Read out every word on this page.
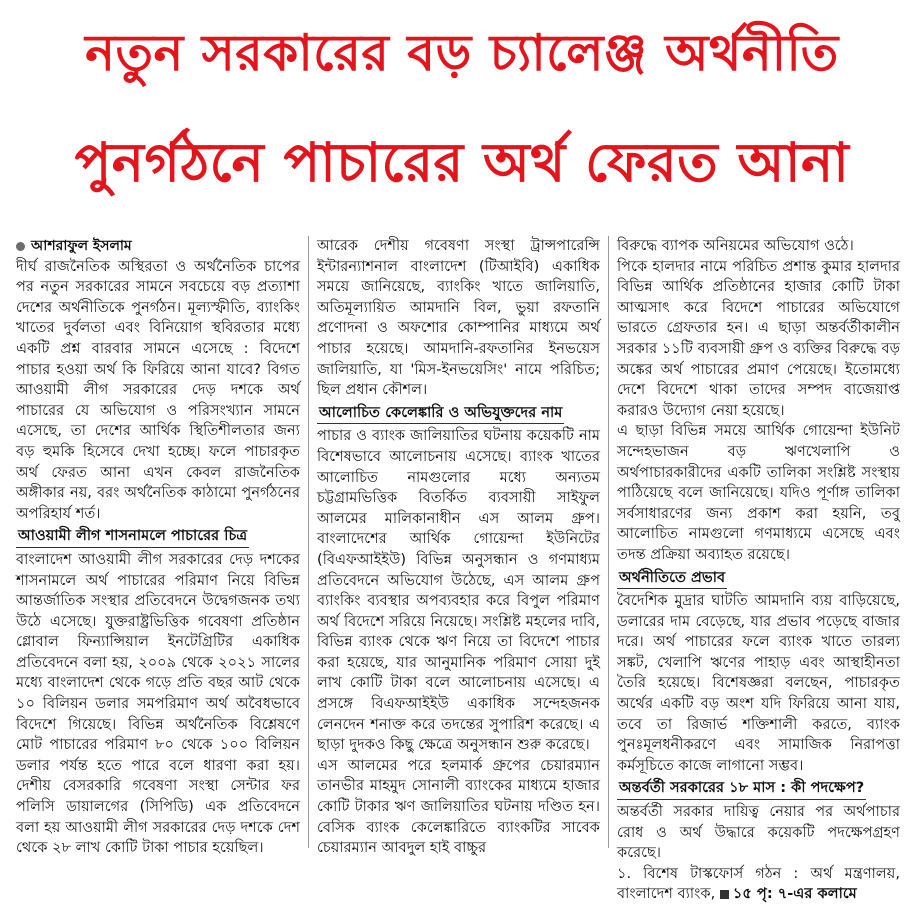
নতুন সরকারের বড় চ্যালেঞ্জ অর্থনীতি
পুনর্গঠনে পাচারের অর্থ ফেরত আনা
আশরাফুল ইসলাম

দীর্ঘ রাজনৈতিক অস্থিরতা ও অর্থনৈতিক চাপের পর নতুন সরকারের সামনে সবচেয়ে বড় প্রত্যাশা দেশের অর্থনীতিকে পুনর্গঠন। মূল্যস্ফীতি, ব্যাংকিং খাতের দুর্বলতা এবং বিনিয়োগ স্থবিরতার মধ্যে একটি প্রশ্ন বারবার সামনে এসেছে : বিদেশে পাচার হওয়া অর্থ কি ফিরিয়ে আনা যাবে? বিগত আওয়ামী লীগ সরকারের দেড় দশকে অর্থ পাচারের যে অভিযোগ ও পরিসংখ্যান সামনে এসেছে, তা দেশের আর্থিক স্থিতিশীলতার জন্য বড় হুমকি হিসেবে দেখা হচ্ছে। ফলে পাচারকৃত অর্থ ফেরত আনা এখন কেবল রাজনৈতিক অঙ্গীকার নয়, বরং অর্থনৈতিক কাঠামো পুনর্গঠনের অপরিহার্য শর্ত।

আওয়ামী লীগ শাসনামলে পাচারের চিত্র

বাংলাদেশ আওয়ামী লীগ সরকারের দেড় দশকের শাসনামলে অর্থ পাচারের পরিমাণ নিয়ে বিভিন্ন আন্তর্জাতিক সংস্থার প্রতিবেদনে উদ্বেগজনক তথ্য উঠে এসেছে। যুক্তরাষ্ট্রভিত্তিক গবেষণা প্রতিষ্ঠান গ্লোবাল ফিন্যান্সিয়াল ইনটেগ্রিটির একাধিক প্রতিবেদনে বলা হয়, ২০০৯ থেকে ২০২১ সালের মধ্যে বাংলাদেশ থেকে গড়ে প্রতি বছর আট থেকে ১০ বিলিয়ন ডলার সমপরিমাণ অর্থ অবৈধভাবে বিদেশে গিয়েছে। বিভিন্ন অর্থনৈতিক বিশ্লেষণে মোট পাচারের পরিমাণ ৮০ থেকে ১০০ বিলিয়ন ডলার পর্যন্ত হতে পারে বলে ধারণা করা হয়। দেশীয় বেসরকারি গবেষণা সংস্থা সেন্টার ফর পলিসি ডায়ালগের (সিপিডি) এক প্রতিবেদনে বলা হয় আওয়ামী লীগ সরকারের দেড় দশকে দেশ থেকে ২৮ লাখ কোটি টাকা পাচার হয়েছিল।

আরেক দেশীয় গবেষণা সংস্থা ট্রান্সপারেন্সি ইন্টারন্যাশনাল বাংলাদেশ (টিআইবি) একাধিক সময়ে জানিয়েছে, ব্যাংকিং খাতে জালিয়াতি, অতিমূল্যায়িত আমদানি বিল, ভুয়া রফতানি প্রণোদনা ও অফশোর কোম্পানির মাধ্যমে অর্থ পাচার হয়েছে। আমদানি-রফতানির ইনভয়েস জালিয়াতি, যা 'মিস-ইনভয়েসিং' নামে পরিচিত; ছিল প্রধান কৌশল।

আলোচিত কেলেঙ্কারি ও অভিযুক্তদের নাম

পাচার ও ব্যাংক জালিয়াতির ঘটনায় কয়েকটি নাম বিশেষভাবে আলোচনায় এসেছে। ব্যাংক খাতের আলোচিত নামগুলোর মধ্যে অন্যতম চট্টগ্রামভিত্তিক বিতর্কিত ব্যবসায়ী সাইফুল আলমের মালিকানাধীন এস আলম গ্রুপ। বাংলাদেশের আর্থিক গোয়েন্দা ইউনিটের (বিএফআইইউ) বিভিন্ন অনুসন্ধান ও গণমাধ্যম প্রতিবেদনে অভিযোগ উঠেছে, এস আলম গ্রুপ ব্যাংকিং ব্যবস্থার অপব্যবহার করে বিপুল পরিমাণ অর্থ বিদেশে সরিয়ে নিয়েছে। সংশ্লিষ্ট মহলের দাবি, বিভিন্ন ব্যাংক থেকে ঋণ নিয়ে তা বিদেশে পাচার করা হয়েছে, যার আনুমানিক পরিমাণ সোয়া দুই লাখ কোটি টাকা বলে আলোচনায় এসেছে। এ প্রসঙ্গে বিএফআইইউ একাধিক সন্দেহজনক লেনদেন শনাক্ত করে তদন্তের সুপারিশ করেছে। এ ছাড়া দুদকও কিছু ক্ষেত্রে অনুসন্ধান শুরু করেছে।

এস আলমের পরে হলমার্ক গ্রুপের চেয়ারম্যান তানভীর মাহমুদ সোনালী ব্যাংকের মাধ্যমে হাজার কোটি টাকার ঋণ জালিয়াতির ঘটনায় দণ্ডিত হন। বেসিক ব্যাংক কেলেঙ্কারিতে ব্যাংকটির সাবেক চেয়ারম্যান আবদুল হাই বাচ্চুর

বিরুদ্ধে ব্যাপক অনিয়মের অভিযোগ ওঠে।

পিকে হালদার নামে পরিচিত প্রশান্ত কুমার হালদার বিভিন্ন আর্থিক প্রতিষ্ঠানের হাজার কোটি টাকা আত্মসাৎ করে বিদেশে পাচারের অভিযোগে ভারতে গ্রেফতার হন। এ ছাড়া অন্তর্বর্তীকালীন সরকার ১১টি ব্যবসায়ী গ্রুপ ও ব্যক্তির বিরুদ্ধে বড় অঙ্কের অর্থ পাচারের প্রমাণ পেয়েছে। ইতোমধ্যে দেশে বিদেশে থাকা তাদের সম্পদ বাজেয়াপ্ত করারও উদ্যোগ নেয়া হয়েছে।

এ ছাড়া বিভিন্ন সময়ে আর্থিক গোয়েন্দা ইউনিট সন্দেহভাজন বড় ঋণখেলাপি ও অর্থপাচারকারীদের একটি তালিকা সংশ্লিষ্ট সংস্থায় পাঠিয়েছে বলে জানিয়েছে। যদিও পূর্ণাঙ্গ তালিকা সর্বসাধারণের জন্য প্রকাশ করা হয়নি, তবু আলোচিত নামগুলো গণমাধ্যমে এসেছে এবং তদন্ত প্রক্রিয়া অব্যাহত রয়েছে।

অর্থনীতিতে প্রভাব

বৈদেশিক মুদ্রার ঘাটতি আমদানি ব্যয় বাড়িয়েছে, ডলারের দাম বেড়েছে, যার প্রভাব পড়েছে বাজার দরে। অর্থ পাচারের ফলে ব্যাংক খাতে তারল্য সঙ্কট, খেলাপি ঋণের পাহাড় এবং আস্থাহীনতা তৈরি হয়েছে। বিশেষজ্ঞরা বলছেন, পাচারকৃত অর্থের একটি বড় অংশ যদি ফিরিয়ে আনা যায়, তবে তা রিজার্ভ শক্তিশালী করতে, ব্যাংক পুনঃমূলধনীকরণে এবং সামাজিক নিরাপত্তা কর্মসূচিতে কাজে লাগানো সম্ভব।

অন্তর্বর্তী সরকারের ১৮ মাস : কী পদক্ষেপ?

অন্তর্বর্তী সরকার দায়িত্ব নেয়ার পর অর্থপাচার রোধ ও অর্থ উদ্ধারে কয়েকটি পদক্ষেপগ্রহণ করেছে।

১. বিশেষ টাস্কফোর্স গঠন : অর্থ মন্ত্রণালয়, বাংলাদেশ ব্যাংক, ১৫ পৃ: ৭-এর কলামে
